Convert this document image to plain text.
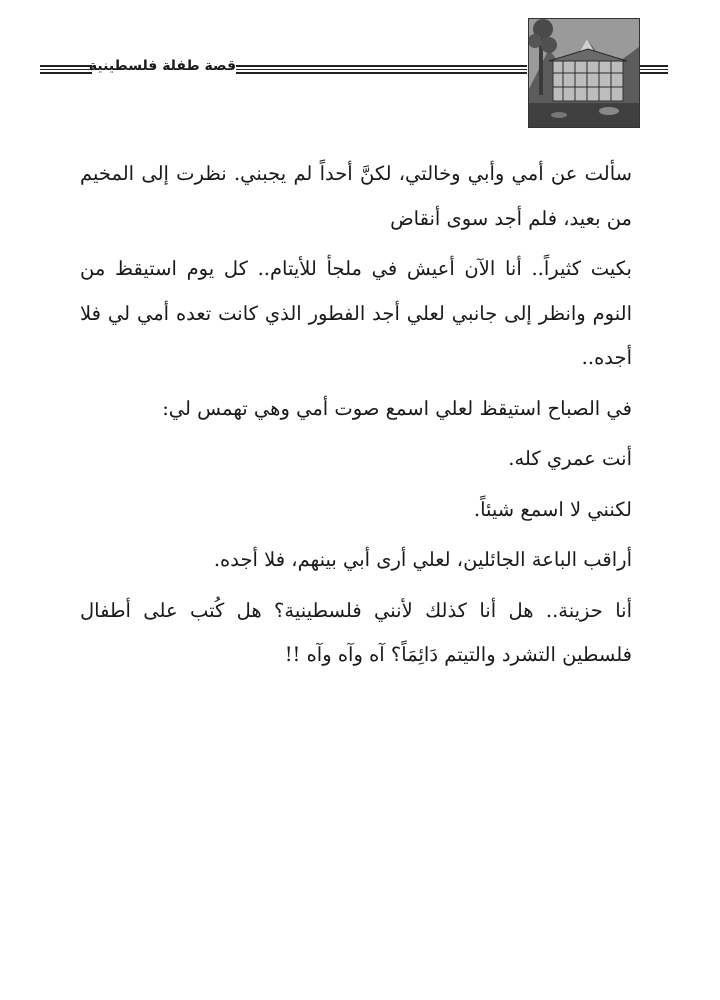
قصة طفلة فلسطينية

سألت عن أمي وأبي وخالتي، لكنَّ أحداً لم يجبني. نظرت إلى المخيم من بعيد، فلم أجد سوى أنقاض

بكيت كثيراً.. أنا الآن أعيش في ملجأ للأيتام.. كل يوم استيقظ من النوم وانظر إلى جانبي لعلي أجد الفطور الذي كانت تعده أمي لي فلا أجده..

في الصباح استيقظ لعلي اسمع صوت أمي وهي تهمس لي:

أنت عمري كله.

لكنني لا اسمع شيئاً.

أراقب الباعة الجائلين، لعلي أرى أبي بينهم، فلا أجده.

أنا حزينة.. هل أنا كذلك لأنني فلسطينية؟ هل كُتب على أطفال فلسطين التشرد والتيتم دَائِمَاً؟ آه وآه وآه !!
